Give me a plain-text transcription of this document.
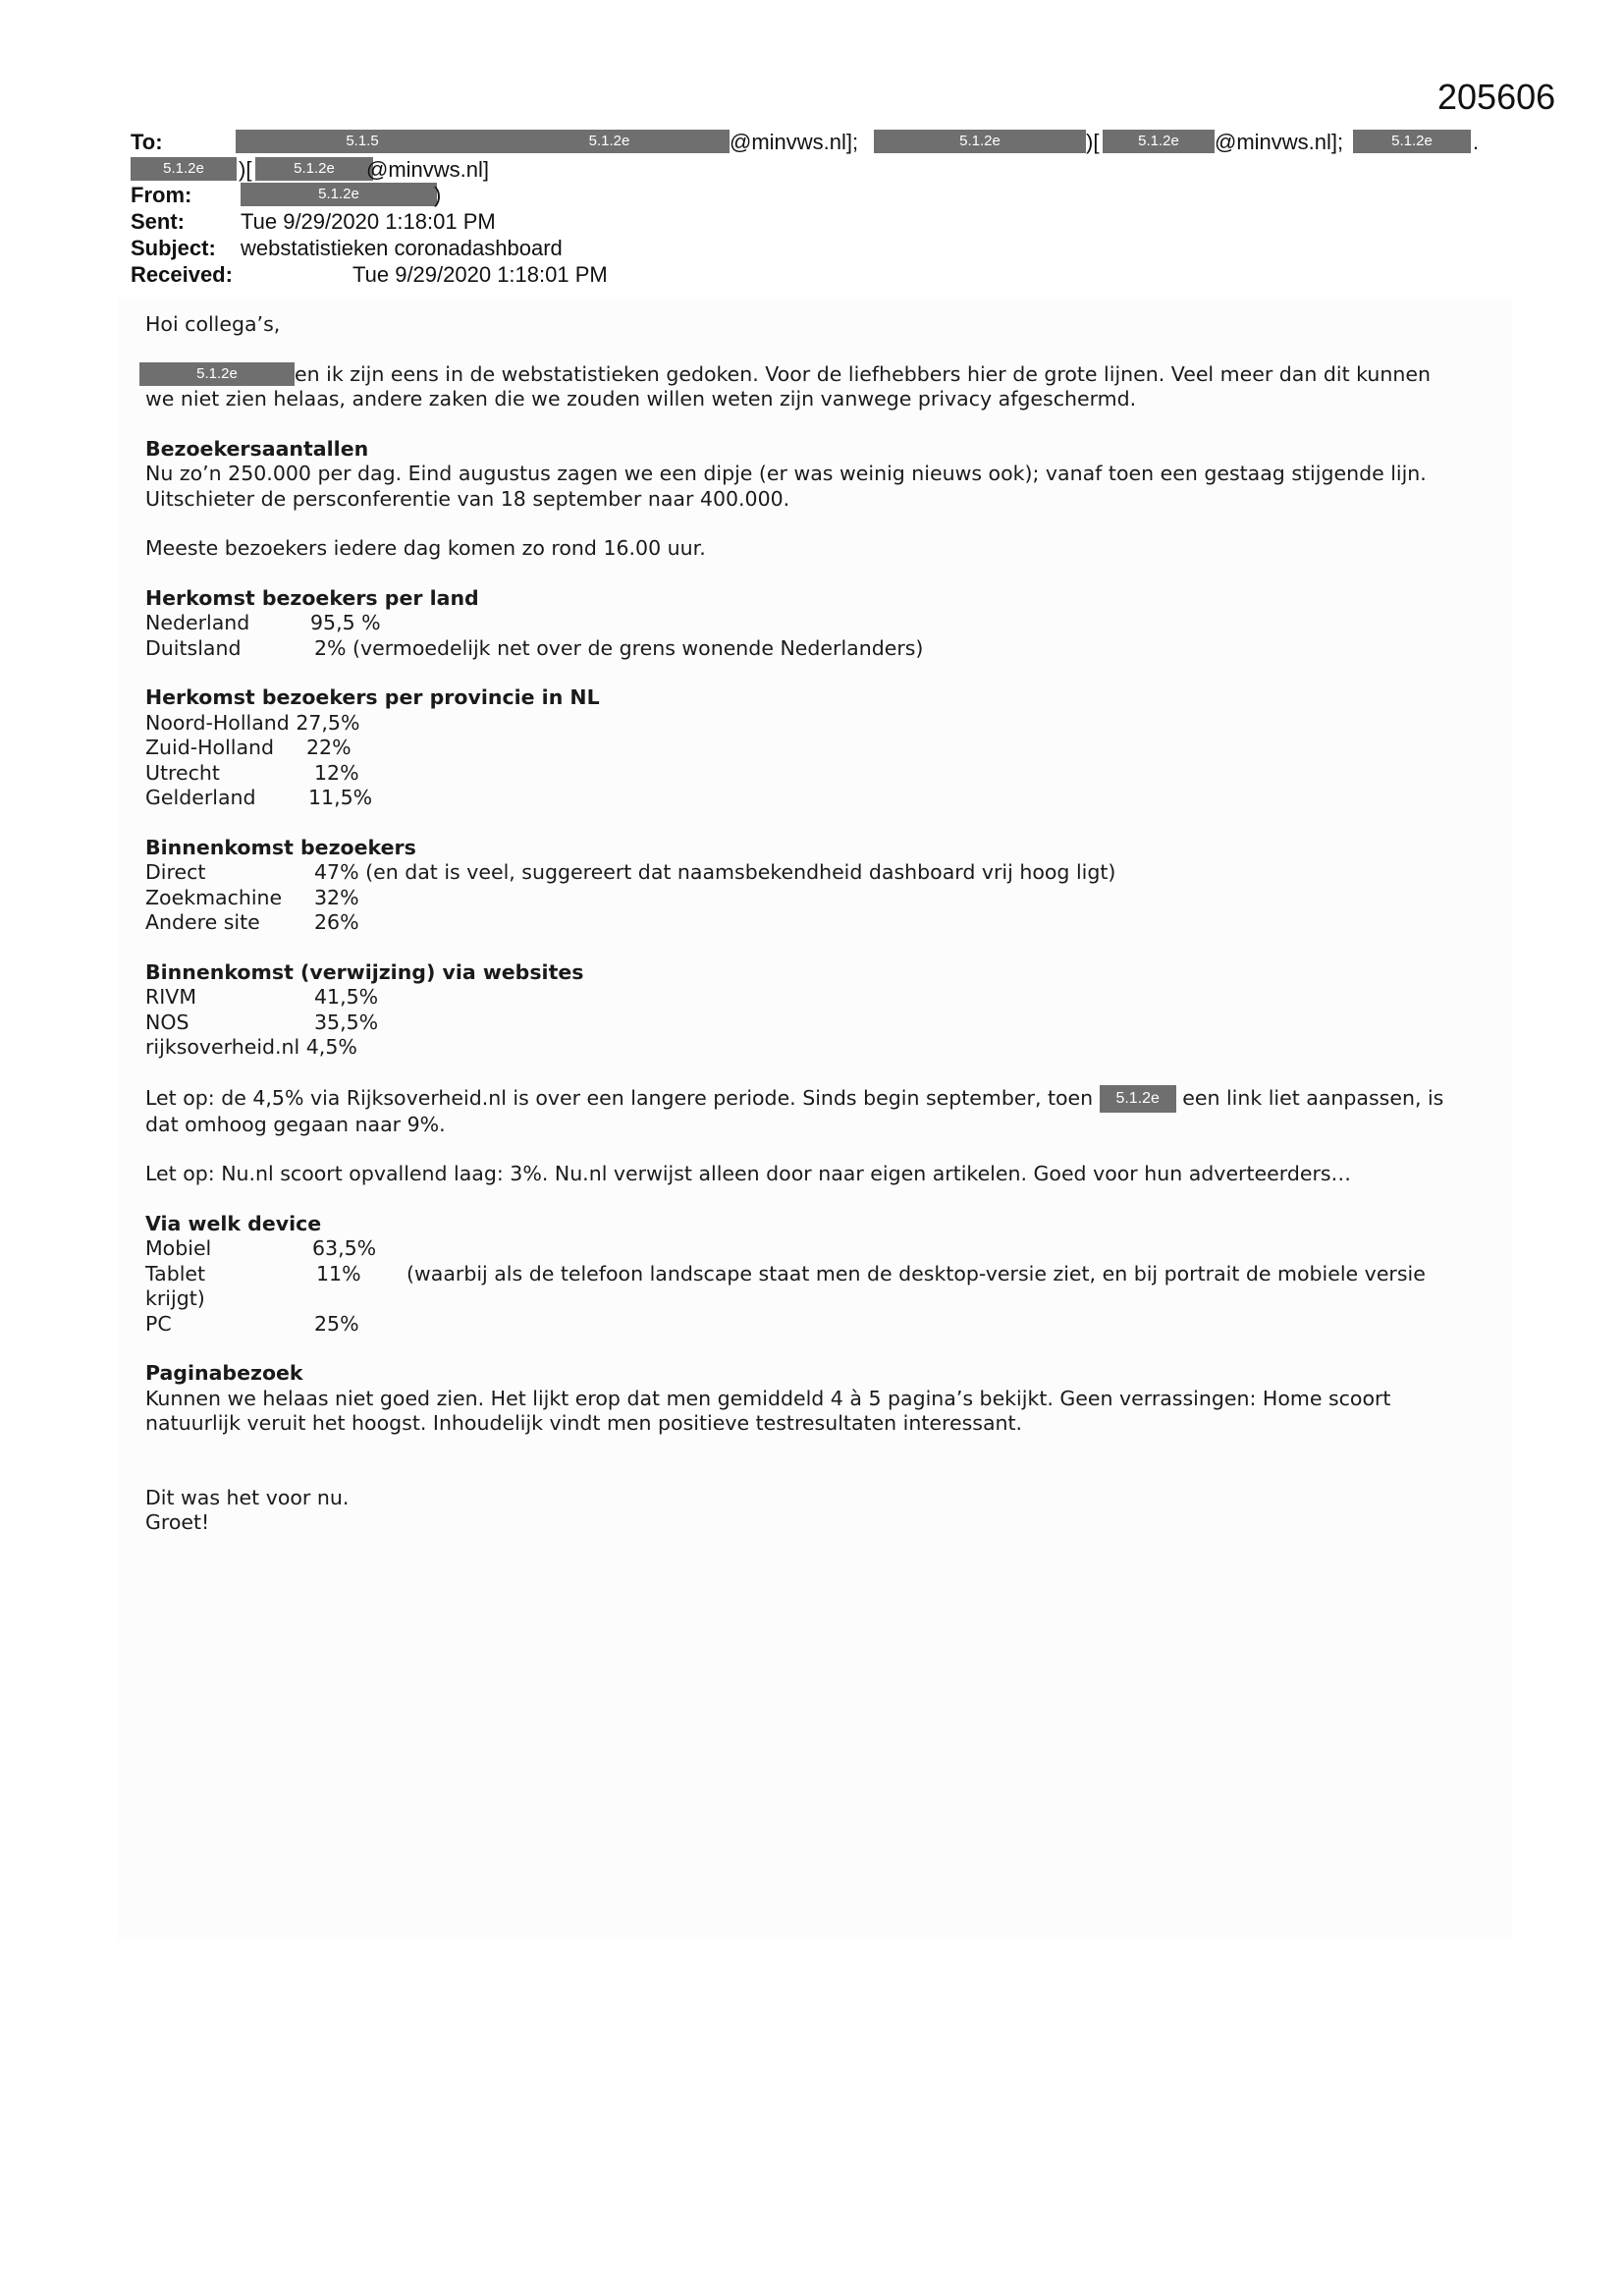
205606
To:	5.1.5	5.1.2e	@minvws.nl];	5.1.2e	)[	5.1.2e	@minvws.nl];	5.1.2e	.
5.1.2e	)[	5.1.2e	@minvws.nl]
From:	5.1.2e	)
Sent:	Tue 9/29/2020 1:18:01 PM
Subject: webstatistieken coronadashboard
Received:	Tue 9/29/2020 1:18:01 PM

Hoi collega’s,

5.1.2e	en ik zijn eens in de webstatistieken gedoken. Voor de liefhebbers hier de grote lijnen. Veel meer dan dit kunnen

we niet zien helaas, andere zaken die we zouden willen weten zijn vanwege privacy afgeschermd.

Bezoekersaantallen

Nu zo’n 250.000 per dag. Eind augustus zagen we een dipje (er was weinig nieuws ook); vanaf toen een gestaag stijgende lijn.

Uitschieter de persconferentie van 18 september naar 400.000.

Meeste bezoekers iedere dag komen zo rond 16.00 uur.

Herkomst bezoekers per land

Nederland	95,5 %
Duitsland	2% (vermoedelijk net over de grens wonende Nederlanders)

Herkomst bezoekers per provincie in NL

Noord-Holland 27,5%
Zuid-Holland	22%
Utrecht	12%
Gelderland	11,5%

Binnenkomst bezoekers

Direct	47% (en dat is veel, suggereert dat naamsbekendheid dashboard vrij hoog ligt)
Zoekmachine	32%
Andere site	26%

Binnenkomst (verwijzing) via websites

RIVM	41,5%
NOS	35,5%
rijksoverheid.nl 4,5%

Let op: de 4,5% via Rijksoverheid.nl is over een langere periode. Sinds begin september, toen 5.1.2e een link liet aanpassen, is

dat omhoog gegaan naar 9%.

Let op: Nu.nl scoort opvallend laag: 3%. Nu.nl verwijst alleen door naar eigen artikelen. Goed voor hun adverteerders…

Via welk device

Mobiel	63,5%
Tablet	11%	(waarbij als de telefoon landscape staat men de desktop-versie ziet, en bij portrait de mobiele versie
krijgt)
PC	25%

Paginabezoek

Kunnen we helaas niet goed zien. Het lijkt erop dat men gemiddeld 4 à 5 pagina’s bekijkt. Geen verrassingen: Home scoort

natuurlijk veruit het hoogst. Inhoudelijk vindt men positieve testresultaten interessant.

Dit was het voor nu.

Groet!
